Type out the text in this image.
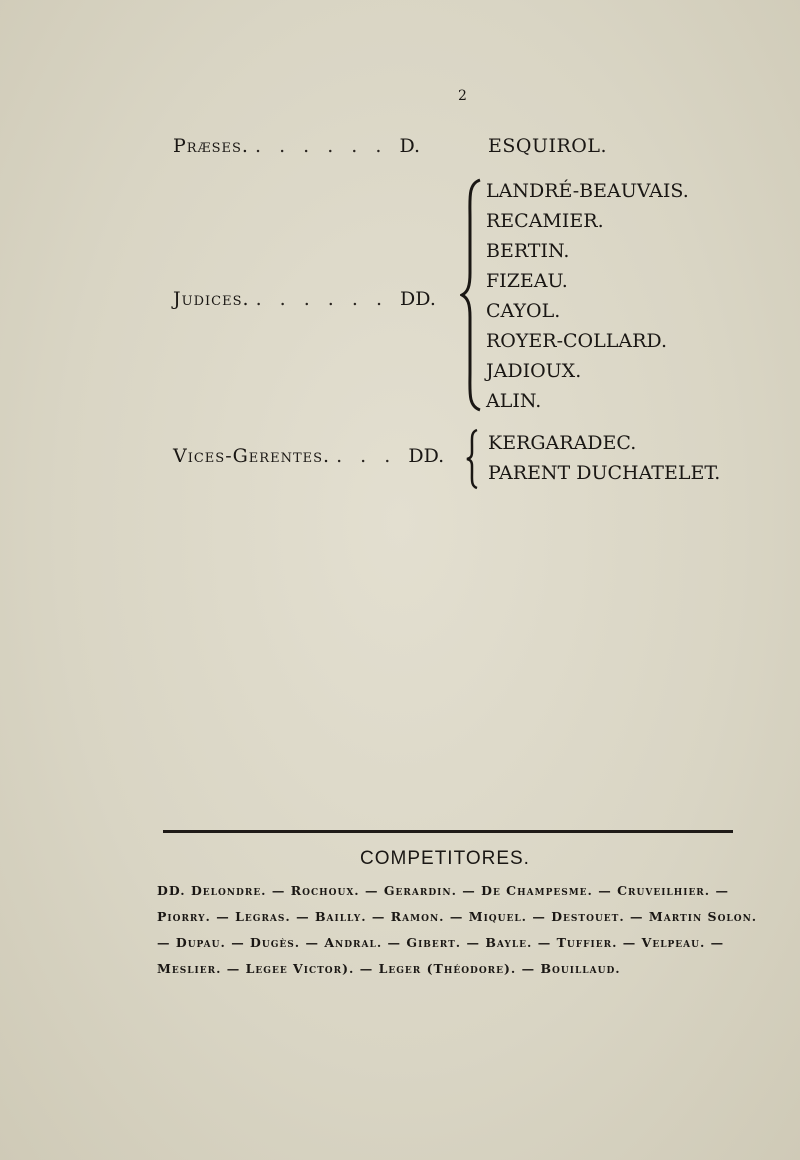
2
Præses. . . . . . . D.	ESQUIROL.
Judices. . . . . . . DD.
LANDRÉ-BEAUVAIS.
RECAMIER.
BERTIN.
FIZEAU.
CAYOL.
ROYER-COLLARD.
JADIOUX.
ALIN.
Vices-Gerentes. . . . DD.
KERGARADEC.
PARENT DUCHATELET.
COMPETITORES.
DD. Delondre. — Rochoux. — Gerardin. — De Champesme. — Cruveilhier. —
Piorry. — Legras. — Bailly. — Ramon. — Miquel. — Destouet. — Martin Solon.
— Dupau. — Dugès. — Andral. — Gibert. — Bayle. — Tuffier. — Velpeau. —
Meslier. — Legee Victor). — Leger (Théodore). — Bouillaud.
